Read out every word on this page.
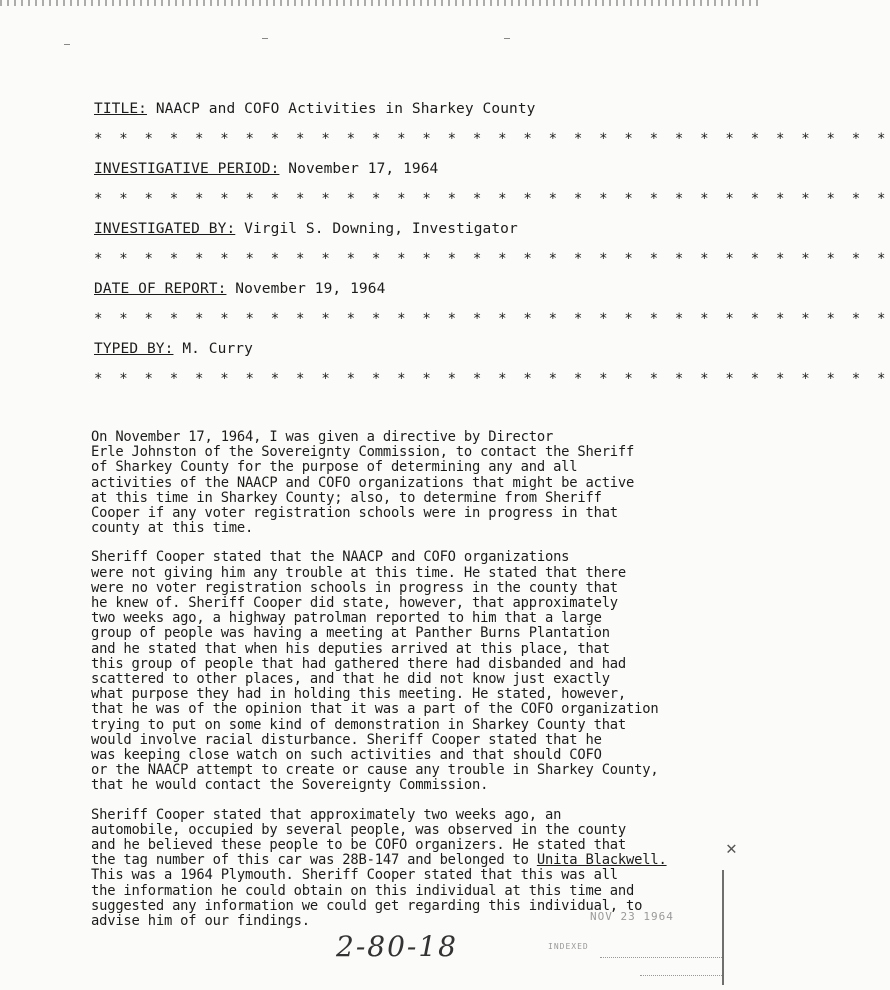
TITLE: NAACP and COFO Activities in Sharkey County
* * * * * * * * * * * * * * * * * * * * * * * * * * * * * * * *
INVESTIGATIVE PERIOD: November 17, 1964
* * * * * * * * * * * * * * * * * * * * * * * * * * * * * * * *
INVESTIGATED BY: Virgil S. Downing, Investigator
* * * * * * * * * * * * * * * * * * * * * * * * * * * * * * * *
DATE OF REPORT: November 19, 1964
* * * * * * * * * * * * * * * * * * * * * * * * * * * * * * * *
TYPED BY: M. Curry
* * * * * * * * * * * * * * * * * * * * * * * * * * * * * * * *

On November 17, 1964, I was given a directive by Director
Erle Johnston of the Sovereignty Commission, to contact the Sheriff
of Sharkey County for the purpose of determining any and all
activities of the NAACP and COFO organizations that might be active
at this time in Sharkey County; also, to determine from Sheriff
Cooper if any voter registration schools were in progress in that
county at this time.

Sheriff Cooper stated that the NAACP and COFO organizations
were not giving him any trouble at this time. He stated that there
were no voter registration schools in progress in the county that
he knew of. Sheriff Cooper did state, however, that approximately
two weeks ago, a highway patrolman reported to him that a large
group of people was having a meeting at Panther Burns Plantation
and he stated that when his deputies arrived at this place, that
this group of people that had gathered there had disbanded and had
scattered to other places, and that he did not know just exactly
what purpose they had in holding this meeting. He stated, however,
that he was of the opinion that it was a part of the COFO organization
trying to put on some kind of demonstration in Sharkey County that
would involve racial disturbance. Sheriff Cooper stated that he
was keeping close watch on such activities and that should COFO
or the NAACP attempt to create or cause any trouble in Sharkey County,
that he would contact the Sovereignty Commission.

Sheriff Cooper stated that approximately two weeks ago, an
automobile, occupied by several people, was observed in the county
and he believed these people to be COFO organizers. He stated that
the tag number of this car was 28B-147 and belonged to Unita Blackwell.
This was a 1964 Plymouth. Sheriff Cooper stated that this was all
the information he could obtain on this individual at this time and
suggested any information we could get regarding this individual, to
advise him of our findings.

✕
NOV 23 1964
2-80-18	INDEXED
